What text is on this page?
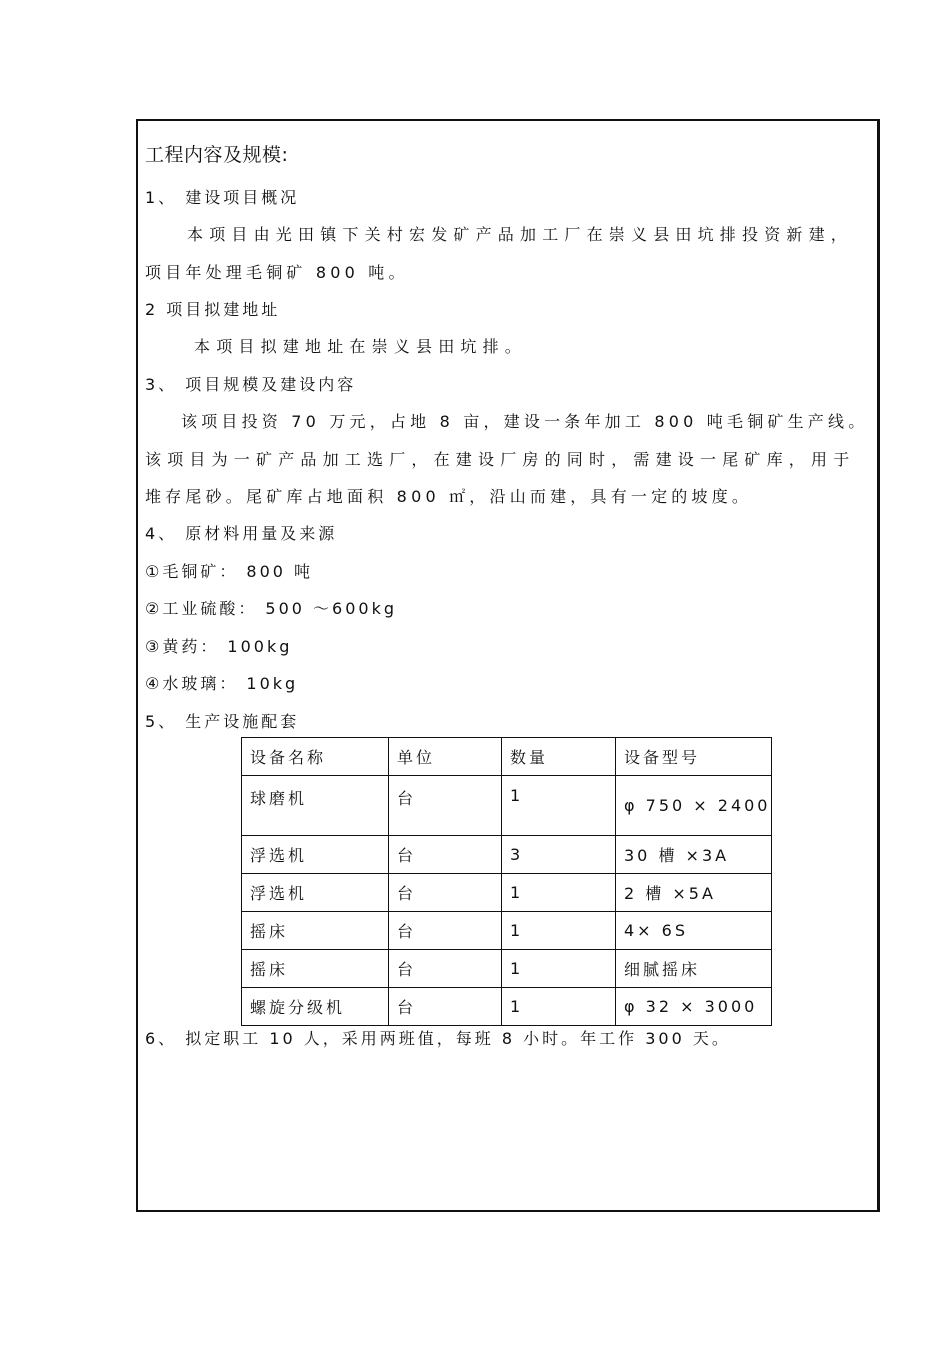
工程内容及规模:
1、 建设项目概况
本项目由光田镇下关村宏发矿产品加工厂在崇义县田坑排投资新建，
项目年处理毛铜矿 800 吨。
2 项目拟建地址
本项目拟建地址在崇义县田坑排。
3、 项目规模及建设内容
该项目投资 70 万元，占地 8 亩，建设一条年加工 800 吨毛铜矿生产线。
该项目为一矿产品加工选厂，在建设厂房的同时，需建设一尾矿库，用于
堆存尾砂。尾矿库占地面积 800 ㎡，沿山而建，具有一定的坡度。
4、 原材料用量及来源
①毛铜矿： 800 吨
②工业硫酸： 500 ～600kg
③黄药： 100kg
④水玻璃： 10kg
5、 生产设施配套
设备名称	单位	数量	设备型号
球磨机	台	1	φ 750 × 2400
浮选机	台	3	30 槽 ×3A
浮选机	台	1	2 槽 ×5A
摇床	台	1	4× 6S
摇床	台	1	细腻摇床
螺旋分级机	台	1	φ 32 × 3000
6、 拟定职工 10 人，采用两班值，每班 8 小时。年工作 300 天。
